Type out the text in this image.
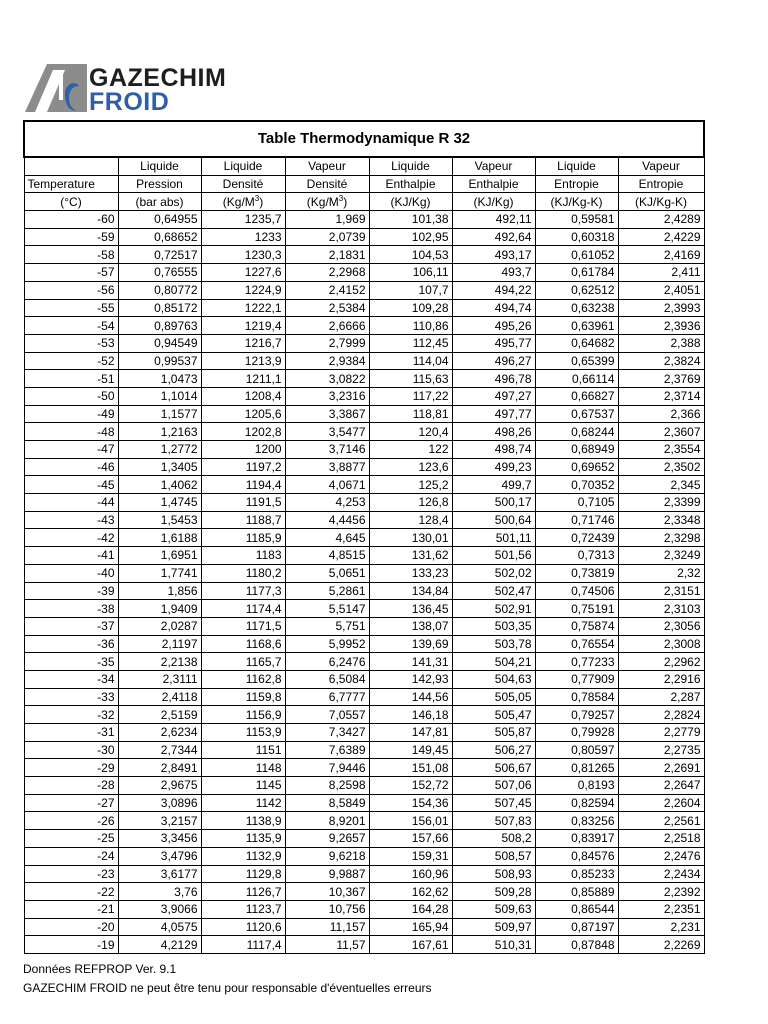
GAZECHIM
FROID
Table Thermodynamique R 32							
	Liquide	Liquide	Vapeur	Liquide	Vapeur	Liquide	Vapeur
Temperature	Pression	Densité	Densité	Enthalpie	Enthalpie	Entropie	Entropie
(°C)	(bar abs)	$(Kg/M^3)$	$(Kg/M^3)$	(KJ/Kg)	(KJ/Kg)	(KJ/Kg-K)	(KJ/Kg-K)
-60	0,64955	1235,7	1,969	101,38	492,11	0,59581	2,4289
-59	0,68652	1233	2,0739	102,95	492,64	0,60318	2,4229
-58	0,72517	1230,3	2,1831	104,53	493,17	0,61052	2,4169
-57	0,76555	1227,6	2,2968	106,11	493,7	0,61784	2,411
-56	0,80772	1224,9	2,4152	107,7	494,22	0,62512	2,4051
-55	0,85172	1222,1	2,5384	109,28	494,74	0,63238	2,3993
-54	0,89763	1219,4	2,6666	110,86	495,26	0,63961	2,3936
-53	0,94549	1216,7	2,7999	112,45	495,77	0,64682	2,388
-52	0,99537	1213,9	2,9384	114,04	496,27	0,65399	2,3824
-51	1,0473	1211,1	3,0822	115,63	496,78	0,66114	2,3769
-50	1,1014	1208,4	3,2316	117,22	497,27	0,66827	2,3714
-49	1,1577	1205,6	3,3867	118,81	497,77	0,67537	2,366
-48	1,2163	1202,8	3,5477	120,4	498,26	0,68244	2,3607
-47	1,2772	1200	3,7146	122	498,74	0,68949	2,3554
-46	1,3405	1197,2	3,8877	123,6	499,23	0,69652	2,3502
-45	1,4062	1194,4	4,0671	125,2	499,7	0,70352	2,345
-44	1,4745	1191,5	4,253	126,8	500,17	0,7105	2,3399
-43	1,5453	1188,7	4,4456	128,4	500,64	0,71746	2,3348
-42	1,6188	1185,9	4,645	130,01	501,11	0,72439	2,3298
-41	1,6951	1183	4,8515	131,62	501,56	0,7313	2,3249
-40	1,7741	1180,2	5,0651	133,23	502,02	0,73819	2,32
-39	1,856	1177,3	5,2861	134,84	502,47	0,74506	2,3151
-38	1,9409	1174,4	5,5147	136,45	502,91	0,75191	2,3103
-37	2,0287	1171,5	5,751	138,07	503,35	0,75874	2,3056
-36	2,1197	1168,6	5,9952	139,69	503,78	0,76554	2,3008
-35	2,2138	1165,7	6,2476	141,31	504,21	0,77233	2,2962
-34	2,3111	1162,8	6,5084	142,93	504,63	0,77909	2,2916
-33	2,4118	1159,8	6,7777	144,56	505,05	0,78584	2,287
-32	2,5159	1156,9	7,0557	146,18	505,47	0,79257	2,2824
-31	2,6234	1153,9	7,3427	147,81	505,87	0,79928	2,2779
-30	2,7344	1151	7,6389	149,45	506,27	0,80597	2,2735
-29	2,8491	1148	7,9446	151,08	506,67	0,81265	2,2691
-28	2,9675	1145	8,2598	152,72	507,06	0,8193	2,2647
-27	3,0896	1142	8,5849	154,36	507,45	0,82594	2,2604
-26	3,2157	1138,9	8,9201	156,01	507,83	0,83256	2,2561
-25	3,3456	1135,9	9,2657	157,66	508,2	0,83917	2,2518
-24	3,4796	1132,9	9,6218	159,31	508,57	0,84576	2,2476
-23	3,6177	1129,8	9,9887	160,96	508,93	0,85233	2,2434
-22	3,76	1126,7	10,367	162,62	509,28	0,85889	2,2392
-21	3,9066	1123,7	10,756	164,28	509,63	0,86544	2,2351
-20	4,0575	1120,6	11,157	165,94	509,97	0,87197	2,231
-19	4,2129	1117,4	11,57	167,61	510,31	0,87848	2,2269
Données REFPROP Ver. 9.1
GAZECHIM FROID ne peut être tenu pour responsable d'éventuelles erreurs
